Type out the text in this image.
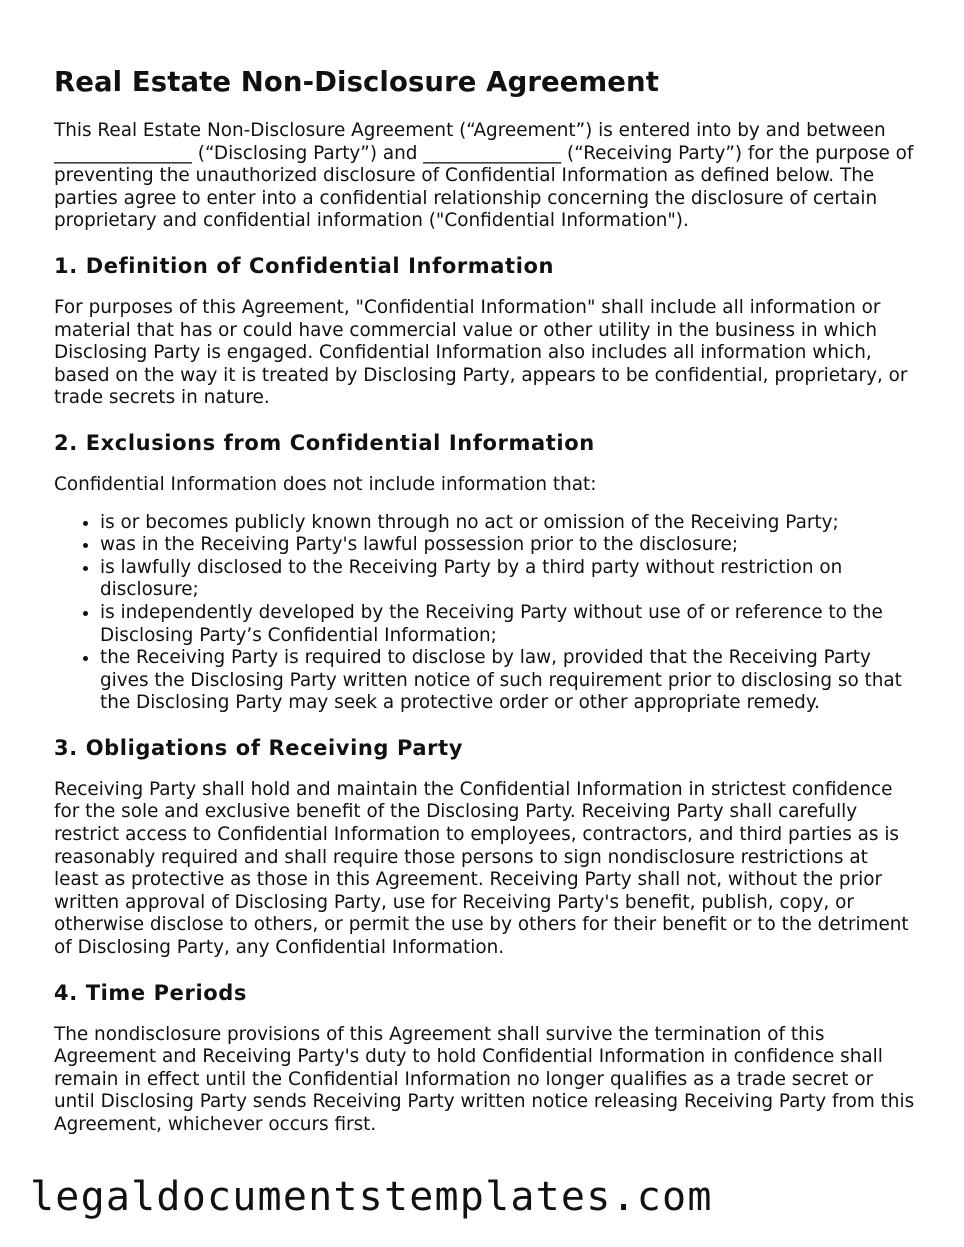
Real Estate Non-Disclosure Agreement

This Real Estate Non-Disclosure Agreement (“Agreement”) is entered into by and between _______________ (“Disclosing Party”) and _______________ (“Receiving Party”) for the purpose of preventing the unauthorized disclosure of Confidential Information as defined below. The parties agree to enter into a confidential relationship concerning the disclosure of certain proprietary and confidential information ("Confidential Information").

1. Definition of Confidential Information

For purposes of this Agreement, "Confidential Information" shall include all information or material that has or could have commercial value or other utility in the business in which Disclosing Party is engaged. Confidential Information also includes all information which, based on the way it is treated by Disclosing Party, appears to be confidential, proprietary, or trade secrets in nature.

2. Exclusions from Confidential Information

Confidential Information does not include information that:

• is or becomes publicly known through no act or omission of the Receiving Party;
• was in the Receiving Party's lawful possession prior to the disclosure;
• is lawfully disclosed to the Receiving Party by a third party without restriction on disclosure;
• is independently developed by the Receiving Party without use of or reference to the Disclosing Party’s Confidential Information;
• the Receiving Party is required to disclose by law, provided that the Receiving Party gives the Disclosing Party written notice of such requirement prior to disclosing so that the Disclosing Party may seek a protective order or other appropriate remedy.
3. Obligations of Receiving Party

Receiving Party shall hold and maintain the Confidential Information in strictest confidence for the sole and exclusive benefit of the Disclosing Party. Receiving Party shall carefully restrict access to Confidential Information to employees, contractors, and third parties as is reasonably required and shall require those persons to sign nondisclosure restrictions at least as protective as those in this Agreement. Receiving Party shall not, without the prior written approval of Disclosing Party, use for Receiving Party's benefit, publish, copy, or otherwise disclose to others, or permit the use by others for their benefit or to the detriment of Disclosing Party, any Confidential Information.

4. Time Periods

The nondisclosure provisions of this Agreement shall survive the termination of this Agreement and Receiving Party's duty to hold Confidential Information in confidence shall remain in effect until the Confidential Information no longer qualifies as a trade secret or until Disclosing Party sends Receiving Party written notice releasing Receiving Party from this Agreement, whichever occurs first.

legaldocumentstemplates.com
